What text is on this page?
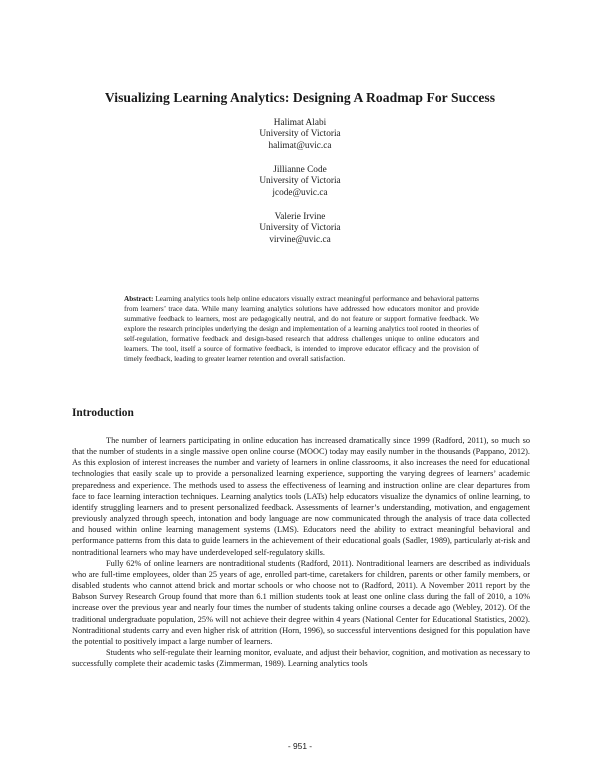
Visualizing Learning Analytics: Designing A Roadmap For Success
Halimat Alabi
University of Victoria
halimat@uvic.ca
Jillianne Code
University of Victoria
jcode@uvic.ca
Valerie Irvine
University of Victoria
virvine@uvic.ca
Abstract: Learning analytics tools help online educators visually extract meaningful performance and behavioral patterns from learners’ trace data. While many learning analytics solutions have addressed how educators monitor and provide summative feedback to learners, most are pedagogically neutral, and do not feature or support formative feedback. We explore the research principles underlying the design and implementation of a learning analytics tool rooted in theories of self-regulation, formative feedback and design-based research that address challenges unique to online educators and learners. The tool, itself a source of formative feedback, is intended to improve educator efficacy and the provision of timely feedback, leading to greater learner retention and overall satisfaction.
Introduction

The number of learners participating in online education has increased dramatically since 1999 (Radford, 2011), so much so that the number of students in a single massive open online course (MOOC) today may easily number in the thousands (Pappano, 2012). As this explosion of interest increases the number and variety of learners in online classrooms, it also increases the need for educational technologies that easily scale up to provide a personalized learning experience, supporting the varying degrees of learners’ academic preparedness and experience. The methods used to assess the effectiveness of learning and instruction online are clear departures from face to face learning interaction techniques. Learning analytics tools (LATs) help educators visualize the dynamics of online learning, to identify struggling learners and to present personalized feedback. Assessments of learner’s understanding, motivation, and engagement previously analyzed through speech, intonation and body language are now communicated through the analysis of trace data collected and housed within online learning management systems (LMS). Educators need the ability to extract meaningful behavioral and performance patterns from this data to guide learners in the achievement of their educational goals (Sadler, 1989), particularly at-risk and nontraditional learners who may have underdeveloped self-regulatory skills.

Fully 62% of online learners are nontraditional students (Radford, 2011). Nontraditional learners are described as individuals who are full-time employees, older than 25 years of age, enrolled part-time, caretakers for children, parents or other family members, or disabled students who cannot attend brick and mortar schools or who choose not to (Radford, 2011). A November 2011 report by the Babson Survey Research Group found that more than 6.1 million students took at least one online class during the fall of 2010, a 10% increase over the previous year and nearly four times the number of students taking online courses a decade ago (Webley, 2012). Of the traditional undergraduate population, 25% will not achieve their degree within 4 years (National Center for Educational Statistics, 2002). Nontraditional students carry and even higher risk of attrition (Horn, 1996), so successful interventions designed for this population have the potential to positively impact a large number of learners.

Students who self-regulate their learning monitor, evaluate, and adjust their behavior, cognition, and motivation as necessary to successfully complete their academic tasks (Zimmerman, 1989). Learning analytics tools

- 951 -
